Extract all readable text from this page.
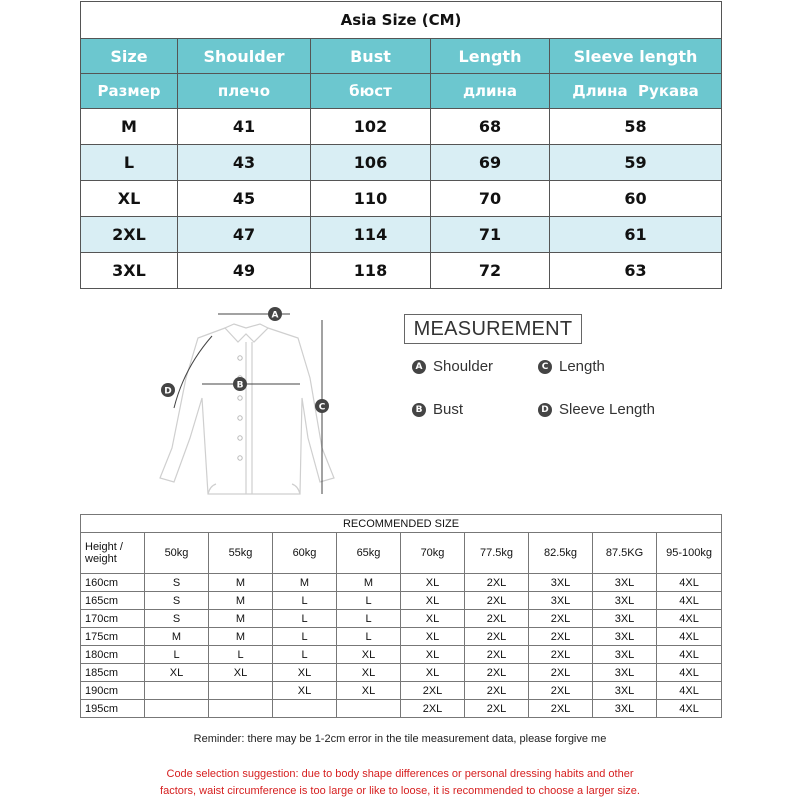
Asia Size (CM)				
Size	Shoulder	Bust	Length	Sleeve length
Размер	плечо	бюст	длина	Длина  Рукава
M	41	102	68	58
L	43	106	69	59
XL	45	110	70	60
2XL	47	114	71	61
3XL	49	118	72	63
A
B
C
D
MEASUREMENT
A Shoulder	C Length
B Bust	D Sleeve Length
RECOMMENDED SIZE									
Height / weight	50kg	55kg	60kg	65kg	70kg	77.5kg	82.5kg	87.5KG	95-100kg
160cm	S	M	M	M	XL	2XL	3XL	3XL	4XL
165cm	S	M	L	L	XL	2XL	3XL	3XL	4XL
170cm	S	M	L	L	XL	2XL	2XL	3XL	4XL
175cm	M	M	L	L	XL	2XL	2XL	3XL	4XL
180cm	L	L	L	XL	XL	2XL	2XL	3XL	4XL
185cm	XL	XL	XL	XL	XL	2XL	2XL	3XL	4XL
190cm			XL	XL	2XL	2XL	2XL	3XL	4XL
195cm					2XL	2XL	2XL	3XL	4XL
Reminder: there may be 1-2cm error in the tile measurement data, please forgive me
Code selection suggestion: due to body shape differences or personal dressing habits and other factors, waist circumference is too large or like to loose, it is recommended to choose a larger size.
